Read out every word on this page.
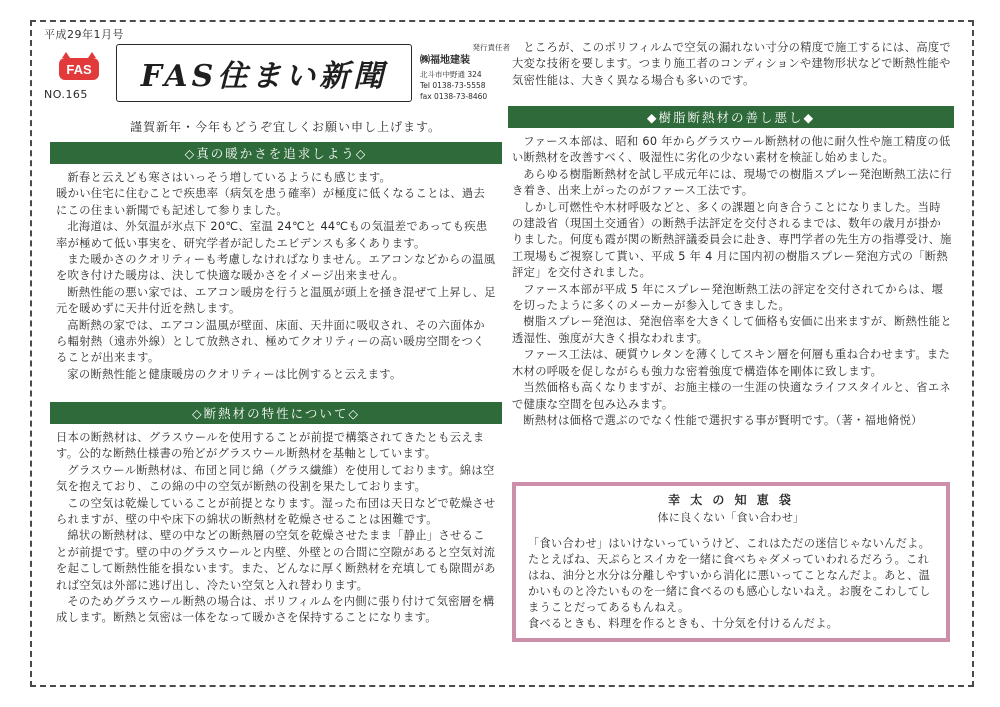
平成29年1月号
FAS
NO.165
FAS住まい新聞
発行責任者
㈱福地建装
北斗市中野通 324
Tel 0138-73-5558
fax 0138-73-8460
謹賀新年・今年もどうぞ宜しくお願い申し上げます。
◇真の暖かさを追求しよう◇

新春と云えども寒さはいっそう増しているようにも感じます。

暖かい住宅に住むことで疾患率（病気を患う確率）が極度に低くなることは、過去にこの住まい新聞でも記述して参りました。

北海道は、外気温が氷点下 20℃、室温 24℃と 44℃もの気温差であっても疾患率が極めて低い事実を、研究学者が記したエビデンスも多くあります。

また暖かさのクオリティーも考慮しなければなりません。エアコンなどからの温風を吹き付けた暖房は、決して快適な暖かさをイメージ出来ません。

断熱性能の悪い家では、エアコン暖房を行うと温風が頭上を掻き混ぜて上昇し、足元を暖めずに天井付近を熱します。

高断熱の家では、エアコン温風が壁面、床面、天井面に吸収され、その六面体から輻射熱（遠赤外線）として放熱され、極めてクオリティーの高い暖房空間をつくることが出来ます。

家の断熱性能と健康暖房のクオリティーは比例すると云えます。

◇断熱材の特性について◇

日本の断熱材は、グラスウールを使用することが前提で構築されてきたとも云えます。公的な断熱仕様書の殆どがグラスウール断熱材を基軸としています。

グラスウール断熱材は、布団と同じ綿（グラス繊維）を使用しております。綿は空気を抱えており、この綿の中の空気が断熱の役割を果たしております。

この空気は乾燥していることが前提となります。湿った布団は天日などで乾燥させられますが、壁の中や床下の綿状の断熱材を乾燥させることは困難です。

綿状の断熱材は、壁の中などの断熱層の空気を乾燥させたまま「静止」させることが前提です。壁の中のグラスウールと内壁、外壁との合間に空隙があると空気対流を起こして断熱性能を損ないます。また、どんなに厚く断熱材を充填しても隙間があれば空気は外部に逃げ出し、冷たい空気と入れ替わります。

そのためグラスウール断熱の場合は、ポリフィルムを内側に張り付けて気密層を構成します。断熱と気密は一体をなって暖かさを保持することになります。

ところが、このポリフィルムで空気の漏れない寸分の精度で施工するには、高度で大変な技術を要します。つまり施工者のコンディションや建物形状などで断熱性能や気密性能は、大きく異なる場合も多いのです。

◆樹脂断熱材の善し悪し◆

ファース本部は、昭和 60 年からグラスウール断熱材の他に耐久性や施工精度の低い断熱材を改善すべく、吸湿性に劣化の少ない素材を検証し始めました。

あらゆる樹脂断熱材を試し平成元年には、現場での樹脂スプレー発泡断熱工法に行き着き、出来上がったのがファース工法です。

しかし可燃性や木材呼吸などと、多くの課題と向き合うことになりました。当時の建設省（現国土交通省）の断熱手法評定を交付されるまでは、数年の歳月が掛かりました。何度も霞が関の断熱評議委員会に赴き、専門学者の先生方の指導受け、施工現場もご視察して貰い、平成 5 年 4 月に国内初の樹脂スプレー発泡方式の「断熱評定」を交付されました。

ファース本部が平成 5 年にスプレー発泡断熱工法の評定を交付されてからは、堰を切ったように多くのメーカーが参入してきました。

樹脂スプレー発泡は、発泡倍率を大きくして価格も安価に出来ますが、断熱性能と透湿性、強度が大きく損なわれます。

ファース工法は、硬質ウレタンを薄くしてスキン層を何層も重ね合わせます。また木材の呼吸を促しながらも強力な密着強度で構造体を剛体に致します。

当然価格も高くなりますが、お施主様の一生涯の快適なライフスタイルと、省エネで健康な空間を包み込みます。

断熱材は価格で選ぶのでなく性能で選択する事が賢明です。（著・福地脩悦）

幸 太 の 知 恵 袋

体に良くない「食い合わせ」

「食い合わせ」はいけないっていうけど、これはただの迷信じゃないんだよ。

たとえばね、天ぷらとスイカを一緒に食べちゃダメっていわれるだろう。これはね、油分と水分は分離しやすいから消化に悪いってことなんだよ。あと、温かいものと冷たいものを一緒に食べるのも感心しないねえ。お腹をこわしてしまうことだってあるもんねえ。

食べるときも、料理を作るときも、十分気を付けるんだよ。
